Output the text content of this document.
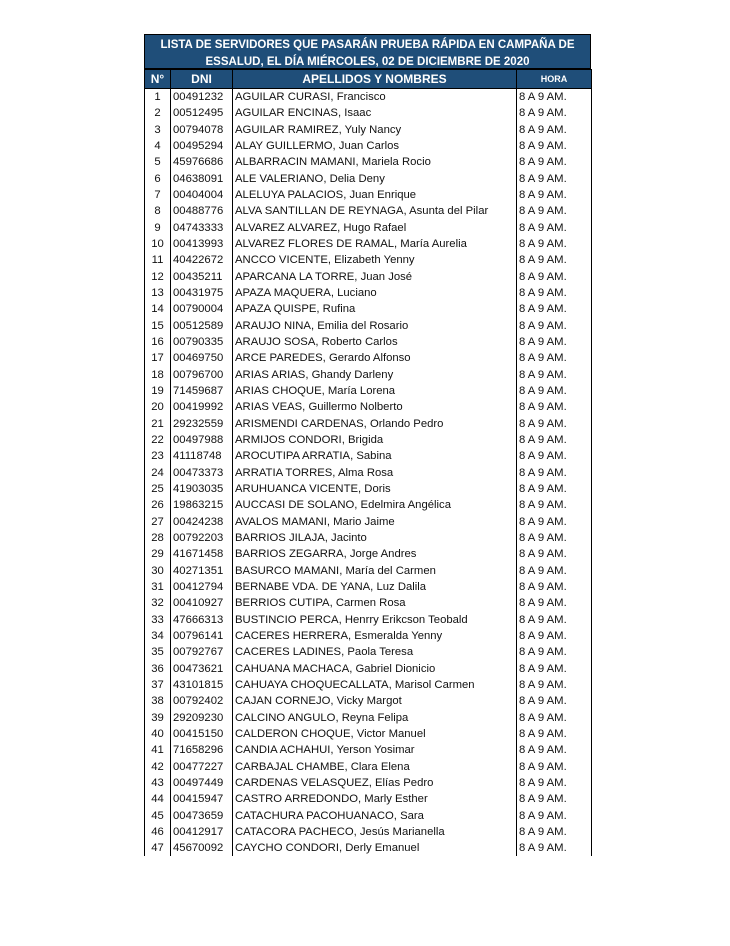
LISTA DE SERVIDORES QUE PASARÁN PRUEBA RÁPIDA EN CAMPAÑA DE
ESSALUD, EL DÍA MIÉRCOLES, 02 DE DICIEMBRE DE 2020
N°	DNI	APELLIDOS Y NOMBRES	HORA
1	00491232	AGUILAR CURASI, Francisco	8 A 9 AM.
2	00512495	AGUILAR ENCINAS, Isaac	8 A 9 AM.
3	00794078	AGUILAR RAMIREZ, Yuly Nancy	8 A 9 AM.
4	00495294	ALAY GUILLERMO, Juan Carlos	8 A 9 AM.
5	45976686	ALBARRACIN MAMANI, Mariela Rocio	8 A 9 AM.
6	04638091	ALE VALERIANO, Delia Deny	8 A 9 AM.
7	00404004	ALELUYA PALACIOS, Juan Enrique	8 A 9 AM.
8	00488776	ALVA SANTILLAN DE REYNAGA, Asunta del Pilar	8 A 9 AM.
9	04743333	ALVAREZ ALVAREZ, Hugo Rafael	8 A 9 AM.
10	00413993	ALVAREZ FLORES DE RAMAL, María Aurelia	8 A 9 AM.
11	40422672	ANCCO VICENTE, Elizabeth Yenny	8 A 9 AM.
12	00435211	APARCANA LA TORRE, Juan José	8 A 9 AM.
13	00431975	APAZA MAQUERA, Luciano	8 A 9 AM.
14	00790004	APAZA QUISPE, Rufina	8 A 9 AM.
15	00512589	ARAUJO NINA, Emilia del Rosario	8 A 9 AM.
16	00790335	ARAUJO SOSA, Roberto Carlos	8 A 9 AM.
17	00469750	ARCE PAREDES, Gerardo Alfonso	8 A 9 AM.
18	00796700	ARIAS ARIAS, Ghandy Darleny	8 A 9 AM.
19	71459687	ARIAS CHOQUE, María Lorena	8 A 9 AM.
20	00419992	ARIAS VEAS, Guillermo Nolberto	8 A 9 AM.
21	29232559	ARISMENDI CARDENAS, Orlando Pedro	8 A 9 AM.
22	00497988	ARMIJOS CONDORI, Brigida	8 A 9 AM.
23	41118748	AROCUTIPA ARRATIA, Sabina	8 A 9 AM.
24	00473373	ARRATIA TORRES, Alma Rosa	8 A 9 AM.
25	41903035	ARUHUANCA VICENTE, Doris	8 A 9 AM.
26	19863215	AUCCASI DE SOLANO, Edelmira Angélica	8 A 9 AM.
27	00424238	AVALOS MAMANI, Mario Jaime	8 A 9 AM.
28	00792203	BARRIOS JILAJA, Jacinto	8 A 9 AM.
29	41671458	BARRIOS ZEGARRA, Jorge Andres	8 A 9 AM.
30	40271351	BASURCO MAMANI, María del Carmen	8 A 9 AM.
31	00412794	BERNABE VDA. DE YANA, Luz Dalila	8 A 9 AM.
32	00410927	BERRIOS CUTIPA, Carmen Rosa	8 A 9 AM.
33	47666313	BUSTINCIO PERCA, Henrry Erikcson Teobald	8 A 9 AM.
34	00796141	CACERES HERRERA, Esmeralda Yenny	8 A 9 AM.
35	00792767	CACERES LADINES, Paola Teresa	8 A 9 AM.
36	00473621	CAHUANA MACHACA, Gabriel Dionicio	8 A 9 AM.
37	43101815	CAHUAYA CHOQUECALLATA, Marisol Carmen	8 A 9 AM.
38	00792402	CAJAN CORNEJO, Vicky Margot	8 A 9 AM.
39	29209230	CALCINO ANGULO, Reyna Felipa	8 A 9 AM.
40	00415150	CALDERON CHOQUE, Victor Manuel	8 A 9 AM.
41	71658296	CANDIA ACHAHUI, Yerson Yosimar	8 A 9 AM.
42	00477227	CARBAJAL CHAMBE, Clara Elena	8 A 9 AM.
43	00497449	CARDENAS VELASQUEZ, Elías Pedro	8 A 9 AM.
44	00415947	CASTRO ARREDONDO, Marly Esther	8 A 9 AM.
45	00473659	CATACHURA PACOHUANACO, Sara	8 A 9 AM.
46	00412917	CATACORA PACHECO, Jesús Marianella	8 A 9 AM.
47	45670092	CAYCHO CONDORI, Derly Emanuel	8 A 9 AM.
